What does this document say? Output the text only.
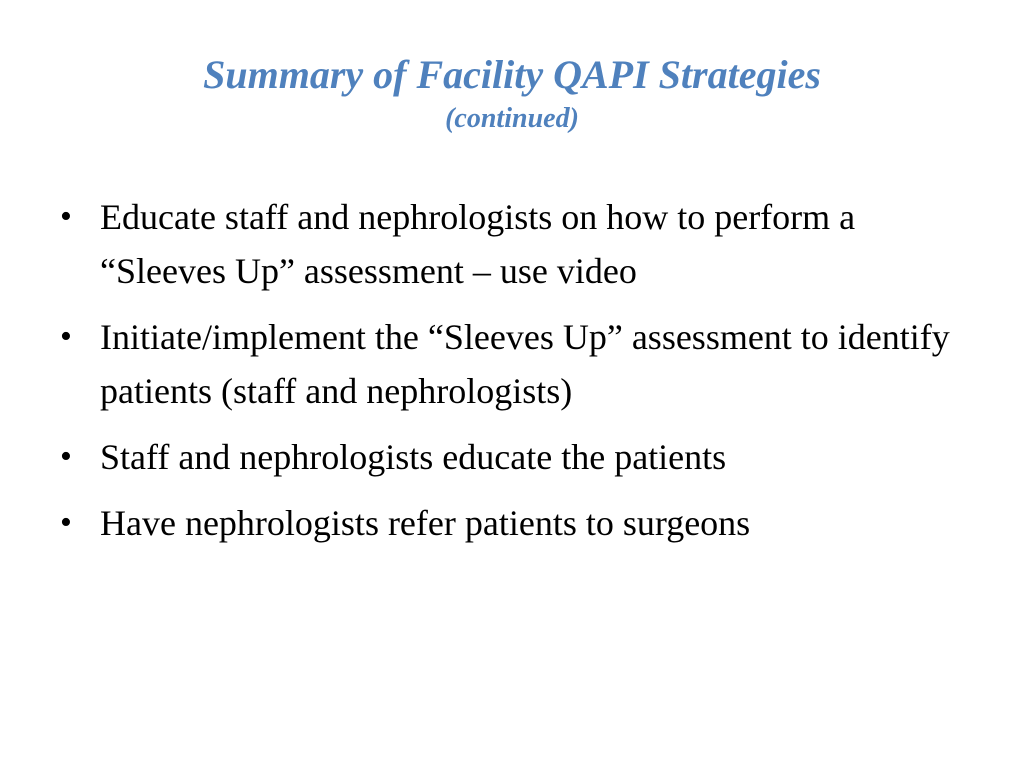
Summary of Facility QAPI Strategies
(continued)
• Educate staff and nephrologists on how to perform a “Sleeves Up” assessment – use video
• Initiate/implement the “Sleeves Up” assessment to identify patients (staff and nephrologists)
• Staff and nephrologists educate the patients
• Have nephrologists refer patients to surgeons
